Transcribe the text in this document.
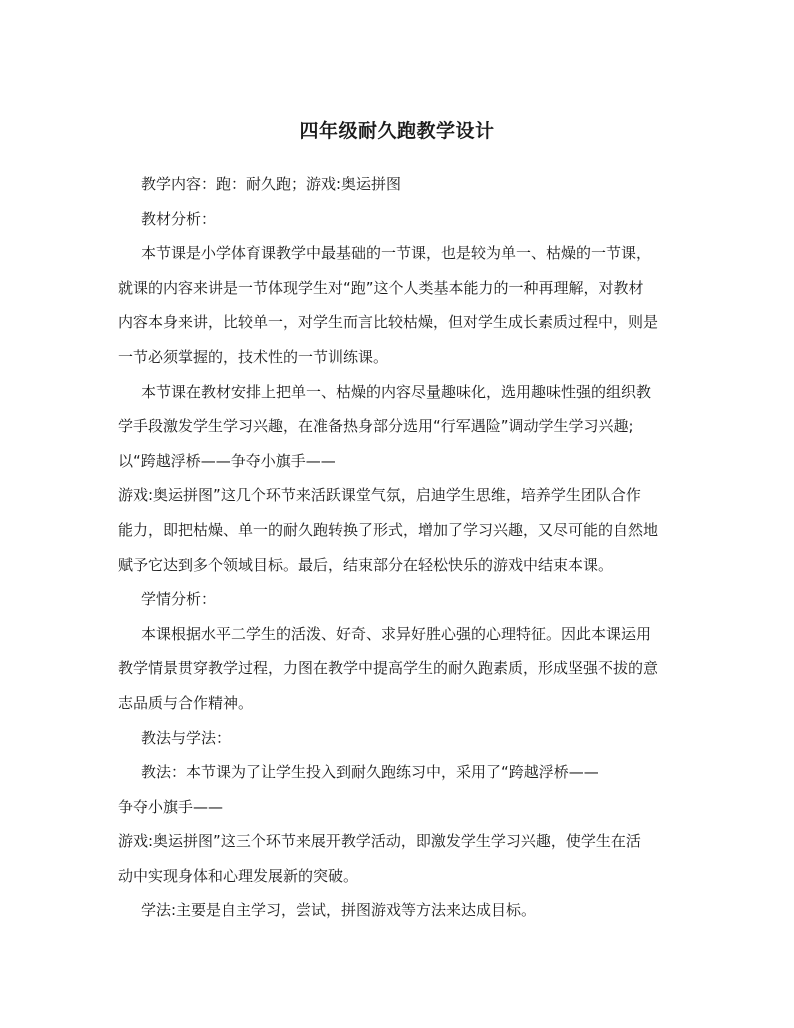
四年级耐久跑教学设计

教学内容：跑：耐久跑；游戏:奥运拼图

教材分析：

本节课是小学体育课教学中最基础的一节课，也是较为单一、枯燥的一节课，

就课的内容来讲是一节体现学生对“跑”这个人类基本能力的一种再理解，对教材

内容本身来讲，比较单一，对学生而言比较枯燥，但对学生成长素质过程中，则是

一节必须掌握的，技术性的一节训练课。

本节课在教材安排上把单一、枯燥的内容尽量趣味化，选用趣味性强的组织教

学手段激发学生学习兴趣，在准备热身部分选用“行军遇险”调动学生学习兴趣;

以“跨越浮桥——争夺小旗手——

游戏:奥运拼图”这几个环节来活跃课堂气氛，启迪学生思维，培养学生团队合作

能力，即把枯燥、单一的耐久跑转换了形式，增加了学习兴趣，又尽可能的自然地

赋予它达到多个领域目标。最后，结束部分在轻松快乐的游戏中结束本课。

学情分析：

本课根据水平二学生的活泼、好奇、求异好胜心强的心理特征。因此本课运用

教学情景贯穿教学过程，力图在教学中提高学生的耐久跑素质，形成坚强不拔的意

志品质与合作精神。

教法与学法：

教法：本节课为了让学生投入到耐久跑练习中，采用了“跨越浮桥——

争夺小旗手——

游戏:奥运拼图”这三个环节来展开教学活动，即激发学生学习兴趣，使学生在活

动中实现身体和心理发展新的突破。

学法:主要是自主学习，尝试，拼图游戏等方法来达成目标。
